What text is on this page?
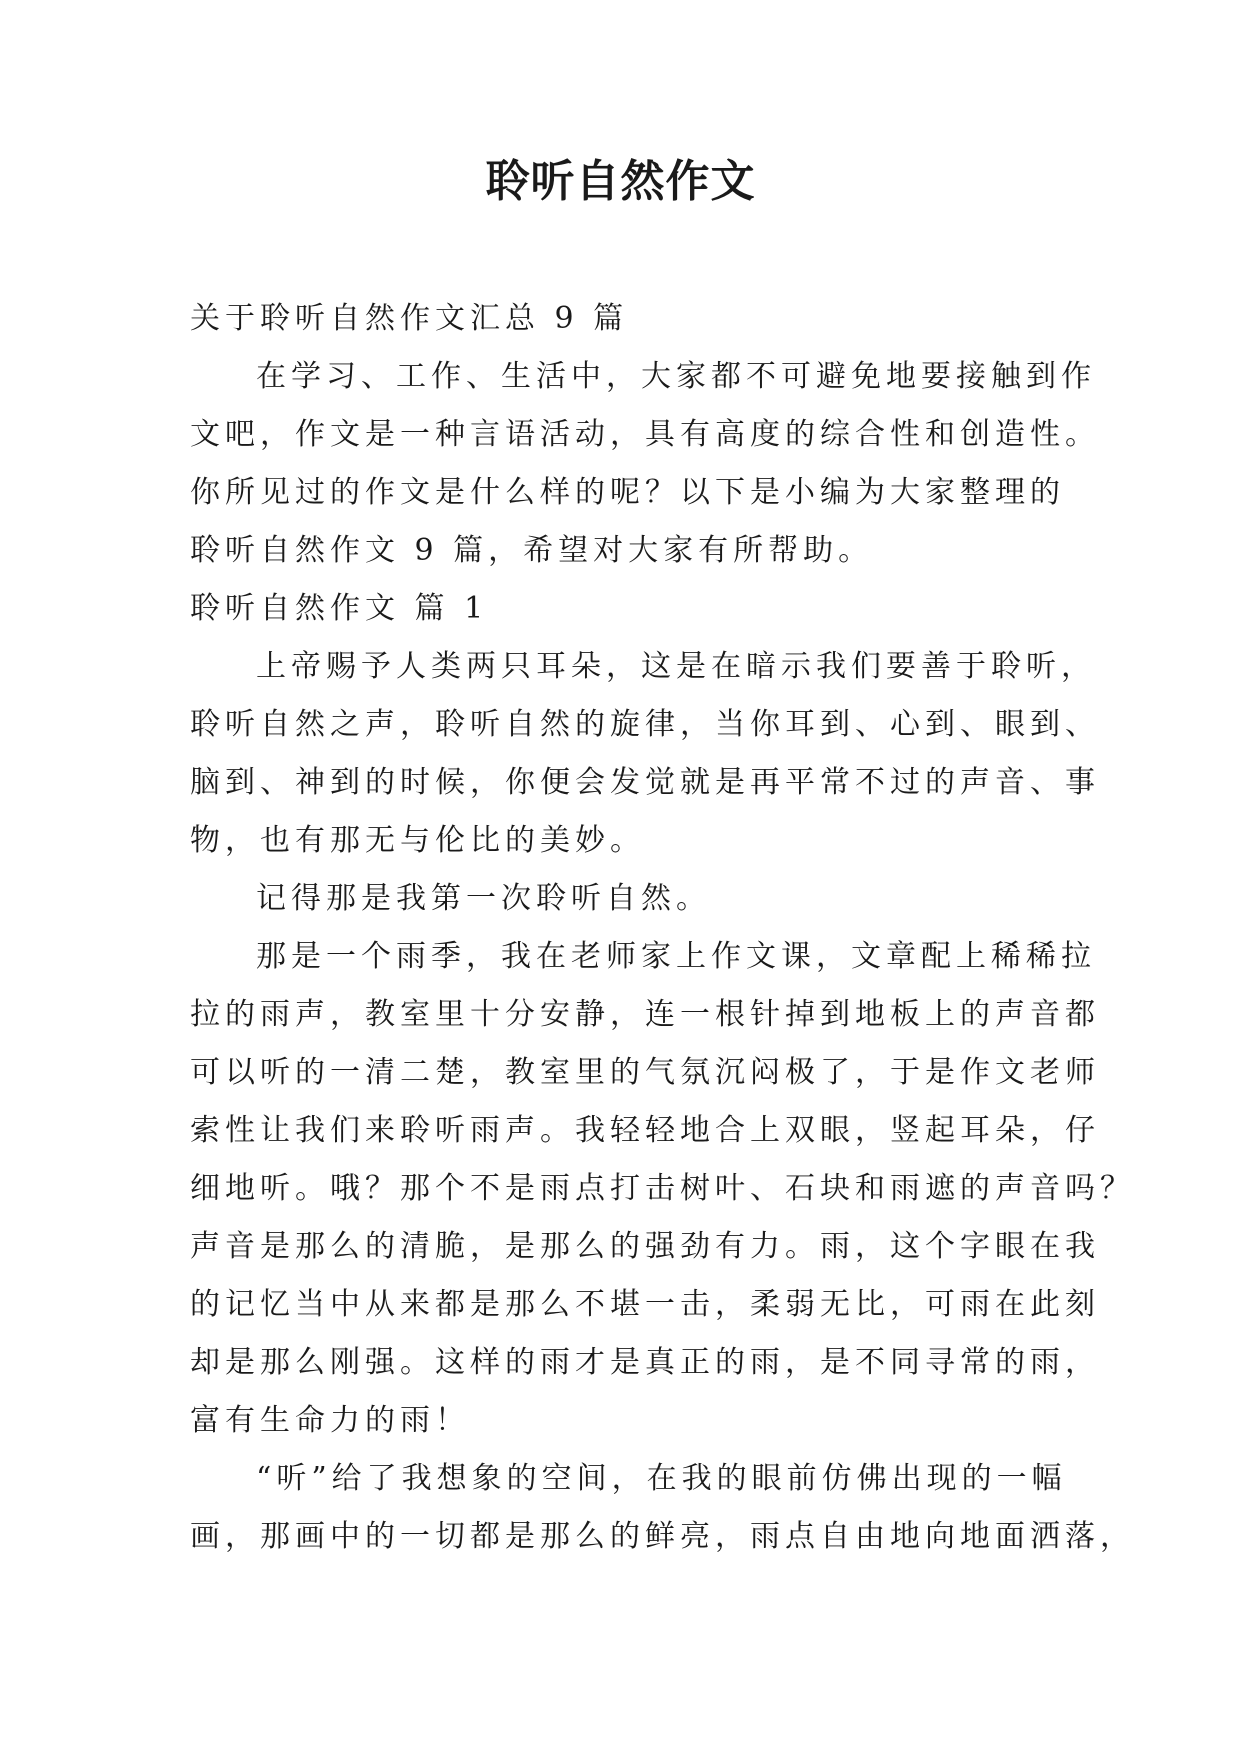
聆听自然作文
关于聆听自然作文汇总 9 篇
在学习、工作、生活中，大家都不可避免地要接触到作
文吧，作文是一种言语活动，具有高度的综合性和创造性。
你所见过的作文是什么样的呢？以下是小编为大家整理的
聆听自然作文 9 篇，希望对大家有所帮助。
聆听自然作文 篇 1
上帝赐予人类两只耳朵，这是在暗示我们要善于聆听，
聆听自然之声，聆听自然的旋律，当你耳到、心到、眼到、
脑到、神到的时候，你便会发觉就是再平常不过的声音、事
物，也有那无与伦比的美妙。
记得那是我第一次聆听自然。
那是一个雨季，我在老师家上作文课，文章配上稀稀拉
拉的雨声，教室里十分安静，连一根针掉到地板上的声音都
可以听的一清二楚，教室里的气氛沉闷极了，于是作文老师
索性让我们来聆听雨声。我轻轻地合上双眼，竖起耳朵，仔
细地听。哦？那个不是雨点打击树叶、石块和雨遮的声音吗？
声音是那么的清脆，是那么的强劲有力。雨，这个字眼在我
的记忆当中从来都是那么不堪一击，柔弱无比，可雨在此刻
却是那么刚强。这样的雨才是真正的雨，是不同寻常的雨，
富有生命力的雨！
“听”给了我想象的空间，在我的眼前仿佛出现的一幅
画，那画中的一切都是那么的鲜亮，雨点自由地向地面洒落，
